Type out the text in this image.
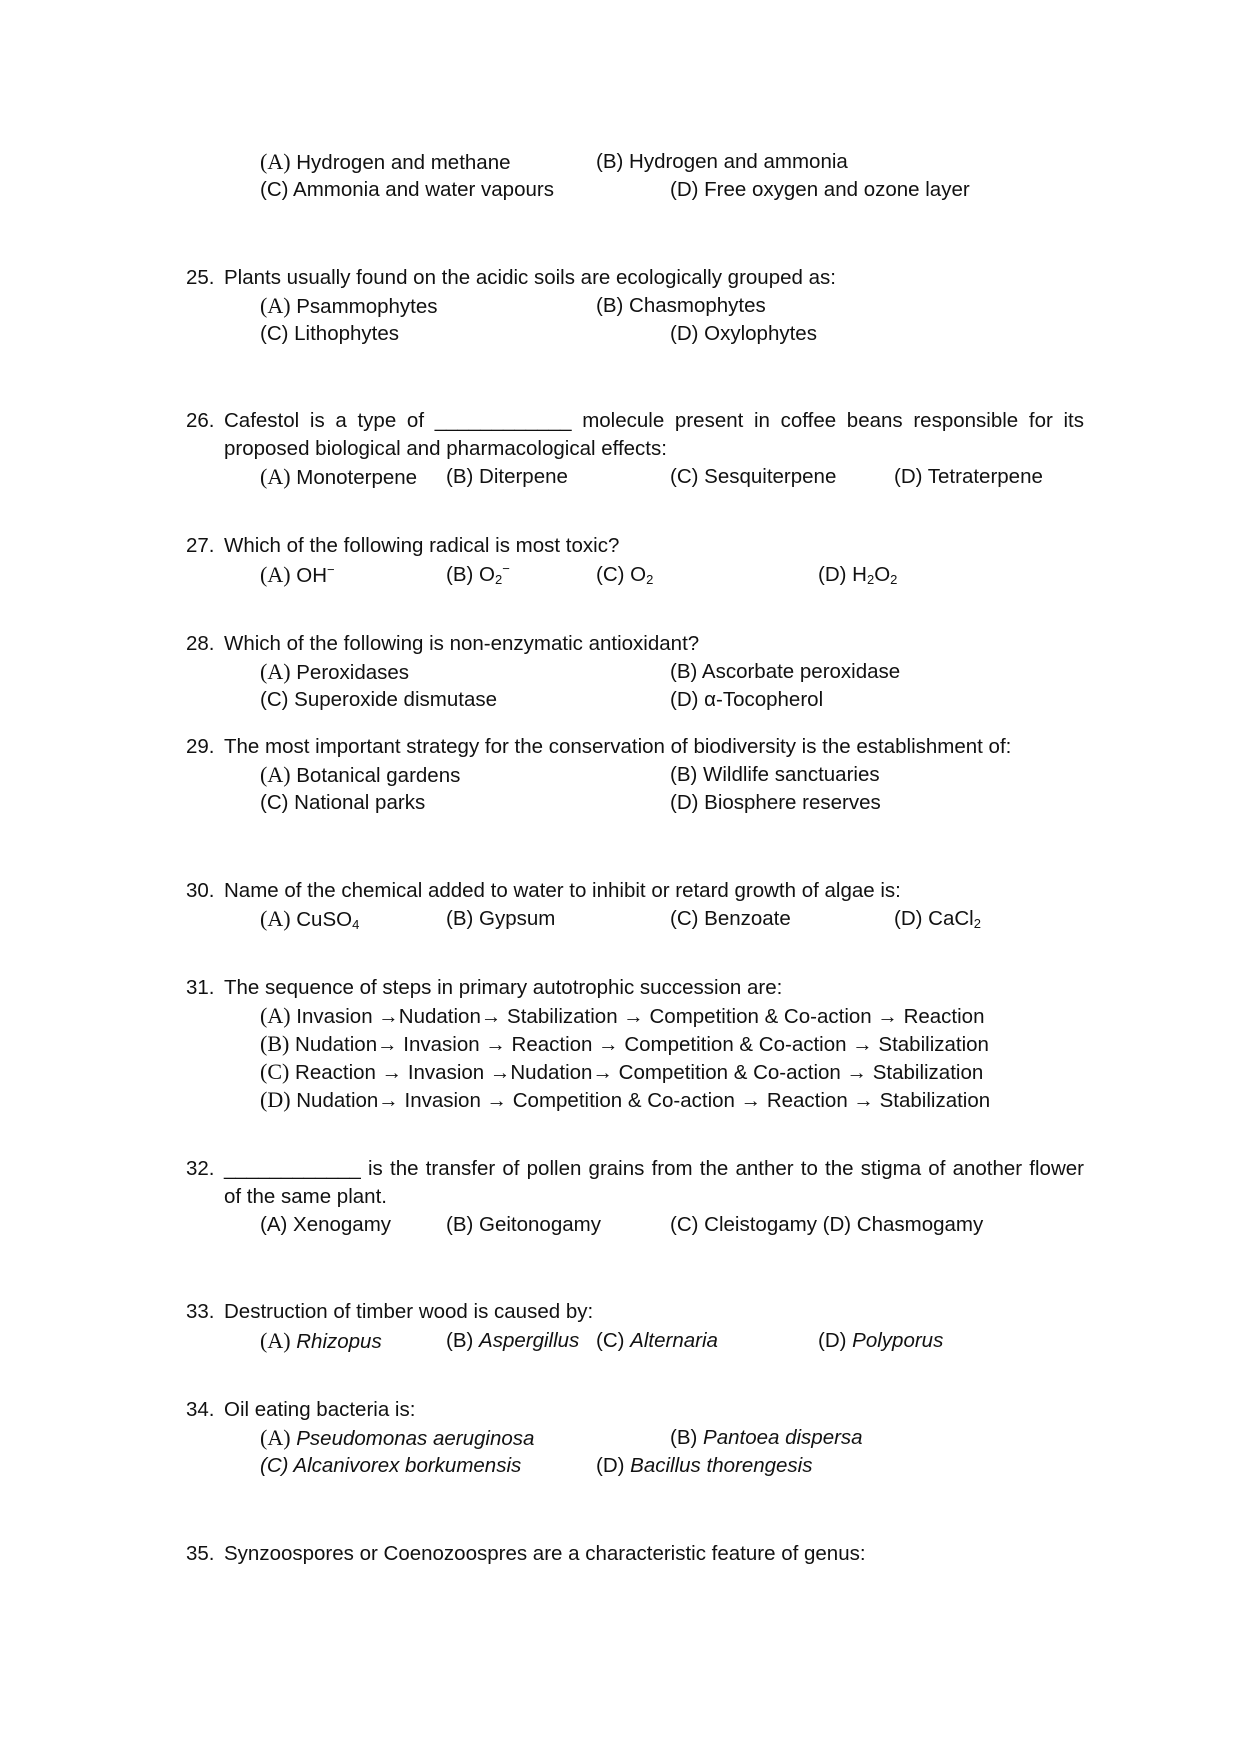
(A) Hydrogen and methane	(B) Hydrogen and ammonia
(C) Ammonia and water vapours	(D) Free oxygen and ozone layer
25. Plants usually found on the acidic soils are ecologically grouped as:
(A) Psammophytes	(B) Chasmophytes
(C) Lithophytes	(D) Oxylophytes
26. Cafestol is a type of ____________ molecule present in coffee beans responsible for its
proposed biological and pharmacological effects:
(A) Monoterpene (B) Diterpene	(C) Sesquiterpene	(D) Tetraterpene
27. Which of the following radical is most toxic?
(A) OH−	(B) $O_2^-$	(C) $O_2$	(D) $H_2O_2$
28. Which of the following is non-enzymatic antioxidant?
(A) Peroxidases	(B) Ascorbate peroxidase
(C) Superoxide dismutase	(D) α-Tocopherol
29. The most important strategy for the conservation of biodiversity is the establishment of:
(A) Botanical gardens	(B) Wildlife sanctuaries
(C) National parks	(D) Biosphere reserves
30. Name of the chemical added to water to inhibit or retard growth of algae is:
(A) CuSO$_4$	(B) Gypsum	(C) Benzoate	(D) CaCl$_2$
31. The sequence of steps in primary autotrophic succession are:
(A) Invasion →Nudation→ Stabilization → Competition & Co-action → Reaction
(B) Nudation→ Invasion → Reaction → Competition & Co-action → Stabilization
(C) Reaction → Invasion →Nudation→ Competition & Co-action → Stabilization
(D) Nudation→ Invasion → Competition & Co-action → Reaction → Stabilization
32. ____________ is the transfer of pollen grains from the anther to the stigma of another flower
of the same plant.
(A) Xenogamy	(B) Geitonogamy	(C) Cleistogamy (D) Chasmogamy
33. Destruction of timber wood is caused by:
(A) Rhizopus	(B) Aspergillus (C) Alternaria	(D) Polyporus
34. Oil eating bacteria is:
(A) Pseudomonas aeruginosa	(B) Pantoea dispersa
(C) Alcanivorex borkumensis	(D) Bacillus thorengesis
35. Synzoospores or Coenozoospres are a characteristic feature of genus:
